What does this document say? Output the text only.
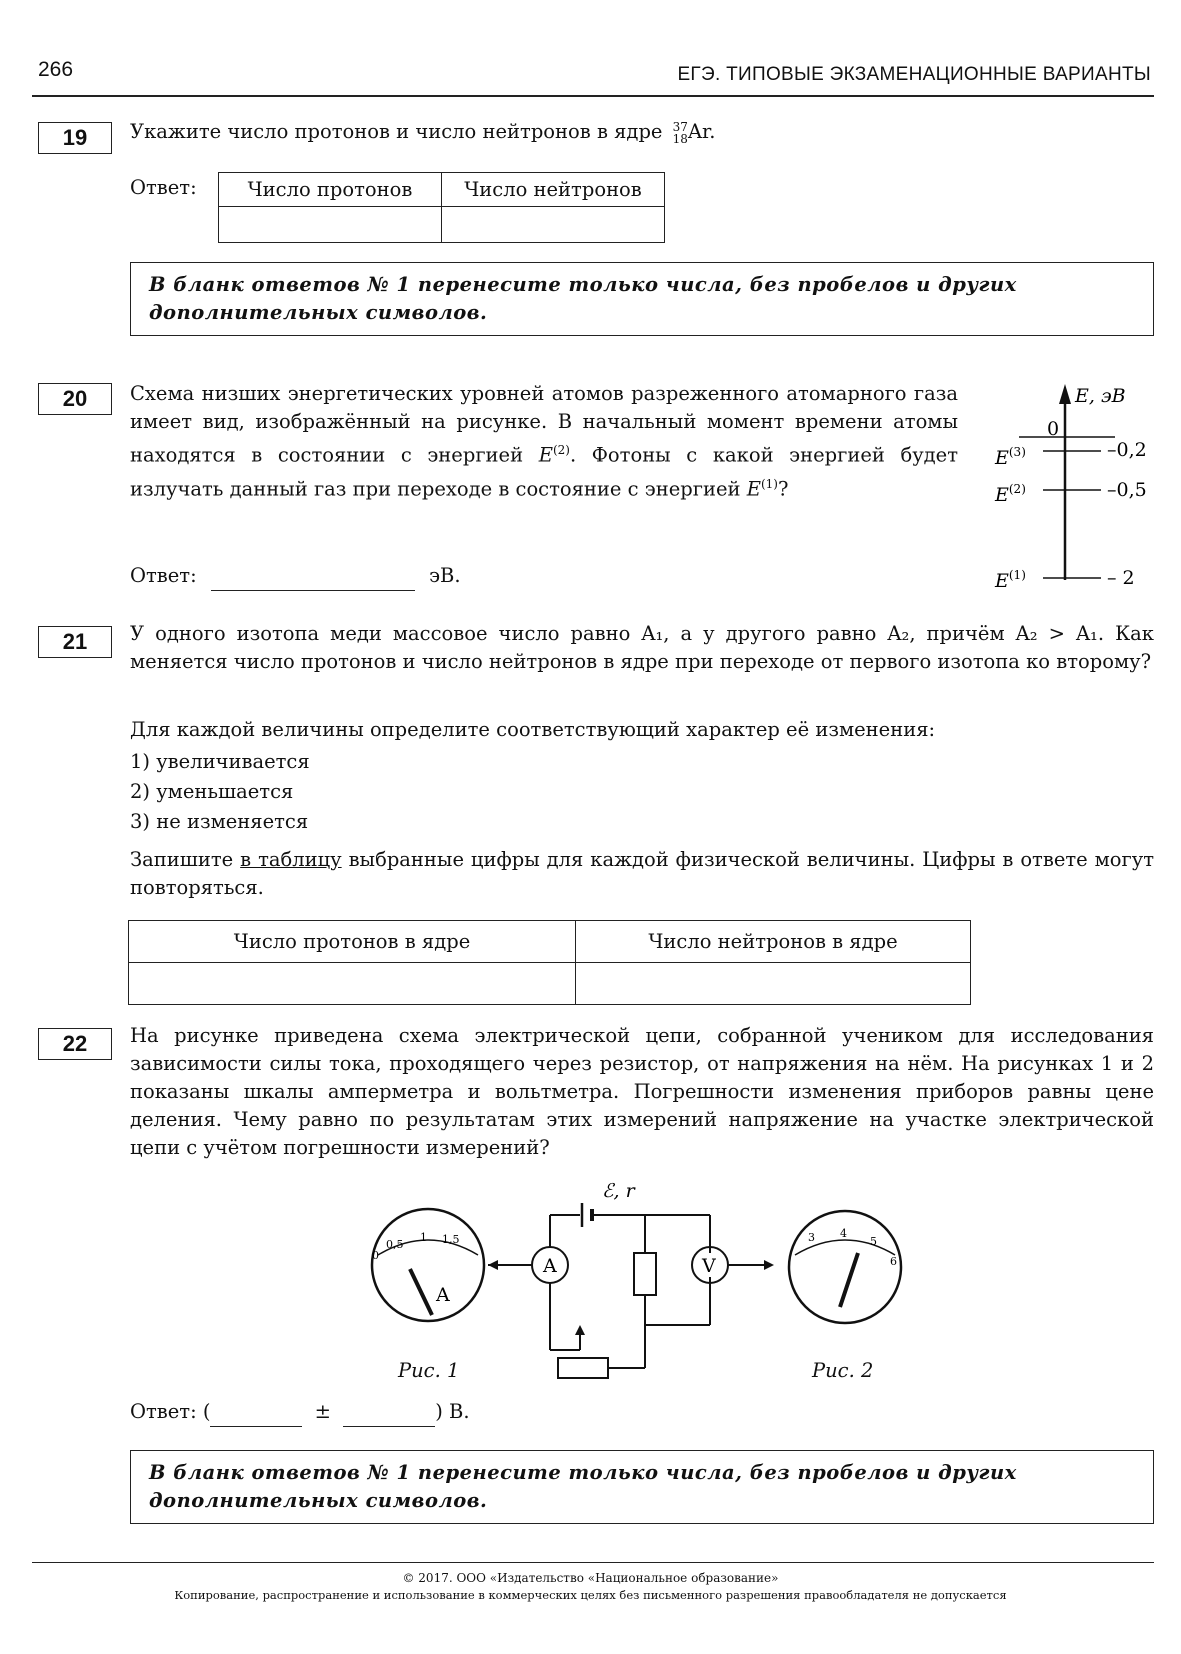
266	ЕГЭ. ТИПОВЫЕ ЭКЗАМЕНАЦИОННЫЕ ВАРИАНТЫ
19	Укажите число протонов и число нейтронов в ядре 37
18Ar.
Ответ:	Число протонов	Число нейтронов

В бланк ответов № 1 перенесите только числа, без пробелов и других дополнительных символов.
20	Схема низших энергетических уровней атомов разреженного атомарного газа имеет вид, изображённый на рисунке. В начальный момент времени атомы находятся в состоянии с энергией $E^{(2)}$. Фотоны с какой энергией будет излучать данный газ при переходе в состояние с энергией $E^{(1)}$?
Ответ:	эВ.
E, эВ
0
$E^{(3)}$
$E^{(2)}$
$E^{(1)}$
–0,2
–0,5
– 2
21	У одного изотопа меди массовое число равно A₁, а у другого равно A₂, причём A₂ > A₁. Как меняется число протонов и число нейтронов в ядре при переходе от первого изотопа ко второму?
Для каждой величины определите соответствующий характер её изменения:
1) увеличивается
2) уменьшается
3) не изменяется
Запишите в таблицу выбранные цифры для каждой физической величины. Цифры в ответе могут повторяться.
Число протонов в ядре	Число нейтронов в ядре

22	На рисунке приведена схема электрической цепи, собранной учеником для исследования зависимости силы тока, проходящего через резистор, от напряжения на нём. На рисунках 1 и 2 показаны шкалы амперметра и вольтметра. Погрешности изменения приборов равны цене деления. Чему равно по результатам этих измерений напряжение на участке электрической цепи с учётом погрешности измерений?
A	V
ℰ, r
A
0
0,5
1 1,5	3 4
5
6
Рис. 1	Рис. 2
Ответ: (	±	) В.
В бланк ответов № 1 перенесите только числа, без пробелов и других дополнительных символов.
© 2017. ООО «Издательство «Национальное образование»
Копирование, распространение и использование в коммерческих целях без письменного разрешения правообладателя не допускается
